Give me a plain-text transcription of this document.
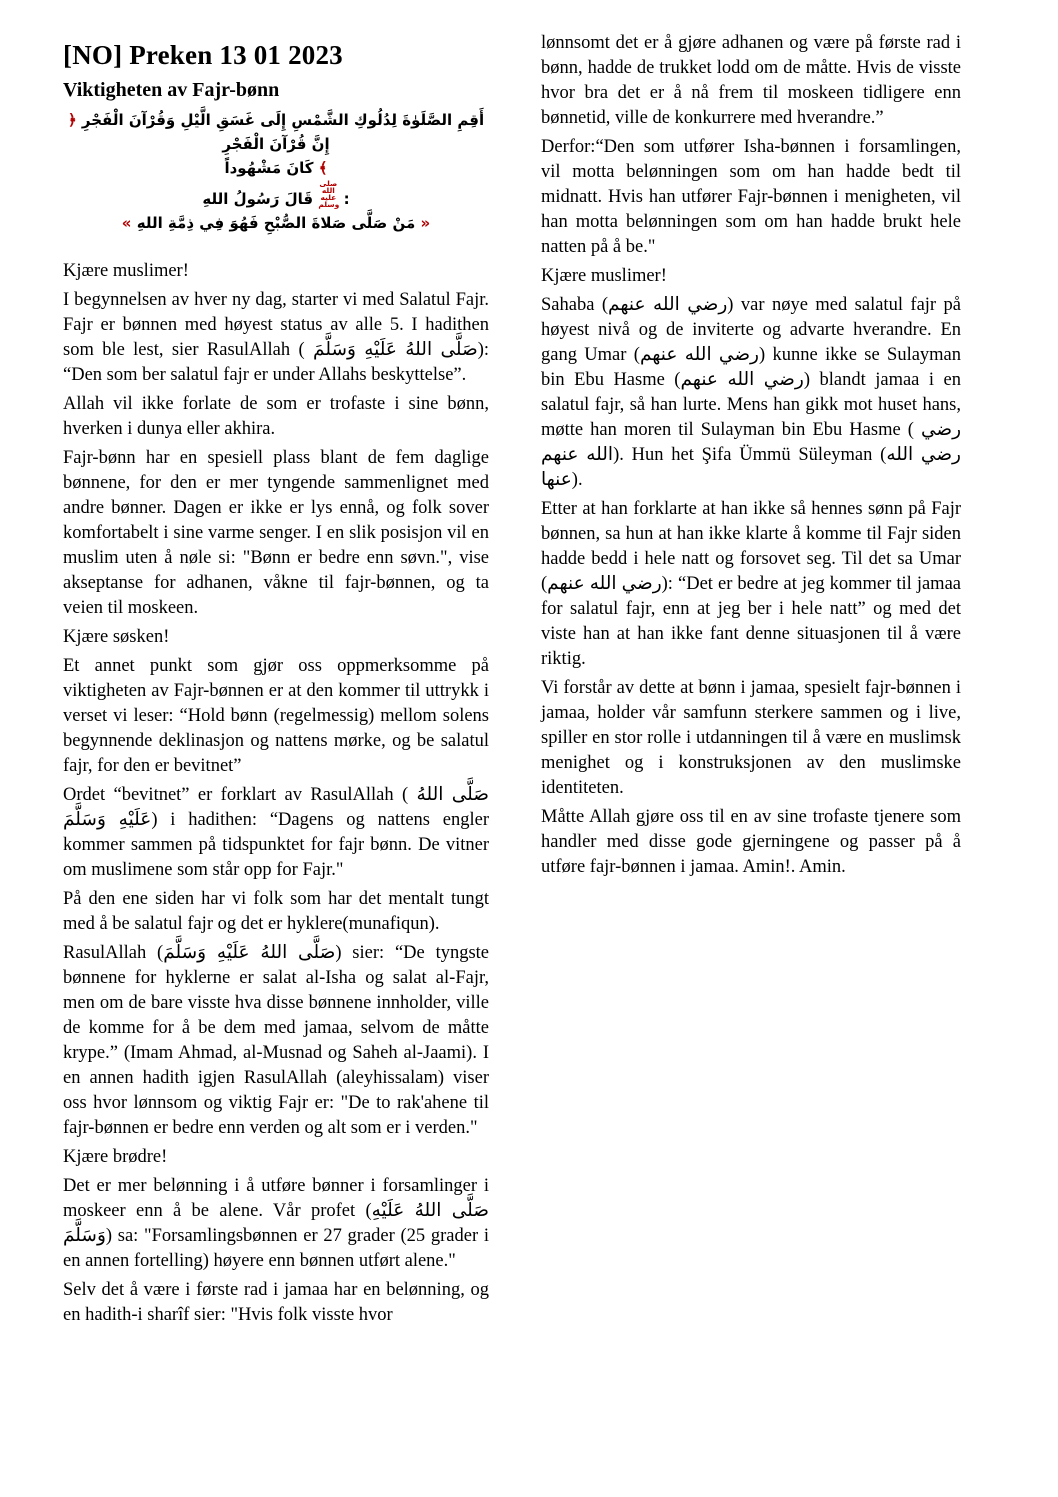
[NO] Preken 13 01 2023
Viktigheten av Fajr-bønn
﴿ أَقِمِ الصَّلَوٰةَ لِدُلُوكِ الشَّمْسِ إِلَى غَسَقِ الَّيْلِ وَقُرْآنَ الْفَجْرِ إِنَّ قُرْآنَ الْفَجْرِ
كَانَ مَشْهُوداً ﴾
قَالَ رَسُولُ اللهِ صلى الله عليه وسلم :
« مَنْ صَلَّى صَلاةَ الصُّبْحِ فَهُوَ فِي ذِمَّةِ اللهِ »

Kjære muslimer!

I begynnelsen av hver ny dag, starter vi med Salatul Fajr. Fajr er bønnen med høyest status av alle 5. I hadithen som ble lest, sier RasulAllah ( صَلَّى اللهُ عَلَيْهِ وَسَلَّمَ): “Den som ber salatul fajr er under Allahs beskyttelse”.

Allah vil ikke forlate de som er trofaste i sine bønn, hverken i dunya eller akhira.

Fajr-bønn har en spesiell plass blant de fem daglige bønnene, for den er mer tyngende sammenlignet med andre bønner. Dagen er ikke er lys ennå, og folk sover komfortabelt i sine varme senger. I en slik posisjon vil en muslim uten å nøle si: "Bønn er bedre enn søvn.", vise akseptanse for adhanen, våkne til fajr-bønnen, og ta veien til moskeen.

Kjære søsken!

Et annet punkt som gjør oss oppmerksomme på viktigheten av Fajr-bønnen er at den kommer til uttrykk i verset vi leser: “Hold bønn (regelmessig) mellom solens begynnende deklinasjon og nattens mørke, og be salatul fajr, for den er bevitnet”

Ordet “bevitnet” er forklart av RasulAllah ( صَلَّى اللهُ عَلَيْهِ وَسَلَّمَ) i hadithen: “Dagens og nattens engler kommer sammen på tidspunktet for fajr bønn. De vitner om muslimene som står opp for Fajr."

På den ene siden har vi folk som har det mentalt tungt med å be salatul fajr og det er hyklere(munafiqun).

RasulAllah (صَلَّى اللهُ عَلَيْهِ وَسَلَّمَ) sier: “De tyngste bønnene for hyklerne er salat al-Isha og salat al-Fajr, men om de bare visste hva disse bønnene innholder, ville de komme for å be dem med jamaa, selvom de måtte krype.” (Imam Ahmad, al-Musnad og Saheh al-Jaami). I en annen hadith igjen RasulAllah (aleyhissalam) viser oss hvor lønnsom og viktig Fajr er: "De to rak'ahene til fajr-bønnen er bedre enn verden og alt som er i verden."

Kjære brødre!

Det er mer belønning i å utføre bønner i forsamlinger i moskeer enn å be alene. Vår profet (صَلَّى اللهُ عَلَيْهِ وَسَلَّمَ) sa: "Forsamlingsbønnen er 27 grader (25 grader i en annen fortelling) høyere enn bønnen utført alene."

Selv det å være i første rad i jamaa har en belønning, og en hadith-i sharîf sier: "Hvis folk visste hvor

lønnsomt det er å gjøre adhanen og være på første rad i bønn, hadde de trukket lodd om de måtte. Hvis de visste hvor bra det er å nå frem til moskeen tidligere enn bønnetid, ville de konkurrere med hverandre.”

Derfor:“Den som utfører Isha-bønnen i forsamlingen, vil motta belønningen som om han hadde bedt til midnatt. Hvis han utfører Fajr-bønnen i menigheten, vil han motta belønningen som om han hadde brukt hele natten på å be."

Kjære muslimer!

Sahaba (رضي الله عنهم) var nøye med salatul fajr på høyest nivå og de inviterte og advarte hverandre. En gang Umar (رضي الله عنهم) kunne ikke se Sulayman bin Ebu Hasme (رضي الله عنهم) blandt jamaa i en salatul fajr, så han lurte. Mens han gikk mot huset hans, møtte han moren til Sulayman bin Ebu Hasme ( رضي الله عنهم). Hun het Şifa Ümmü Süleyman (رضي الله عنها).

Etter at han forklarte at han ikke så hennes sønn på Fajr bønnen, sa hun at han ikke klarte å komme til Fajr siden hadde bedd i hele natt og forsovet seg. Til det sa Umar (رضي الله عنهم): “Det er bedre at jeg kommer til jamaa for salatul fajr, enn at jeg ber i hele natt” og med det viste han at han ikke fant denne situasjonen til å være riktig.

Vi forstår av dette at bønn i jamaa, spesielt fajr-bønnen i jamaa, holder vår samfunn sterkere sammen og i live, spiller en stor rolle i utdanningen til å være en muslimsk menighet og i konstruksjonen av den muslimske identiteten.

Måtte Allah gjøre oss til en av sine trofaste tjenere som handler med disse gode gjerningene og passer på å utføre fajr-bønnen i jamaa. Amin!. Amin.
